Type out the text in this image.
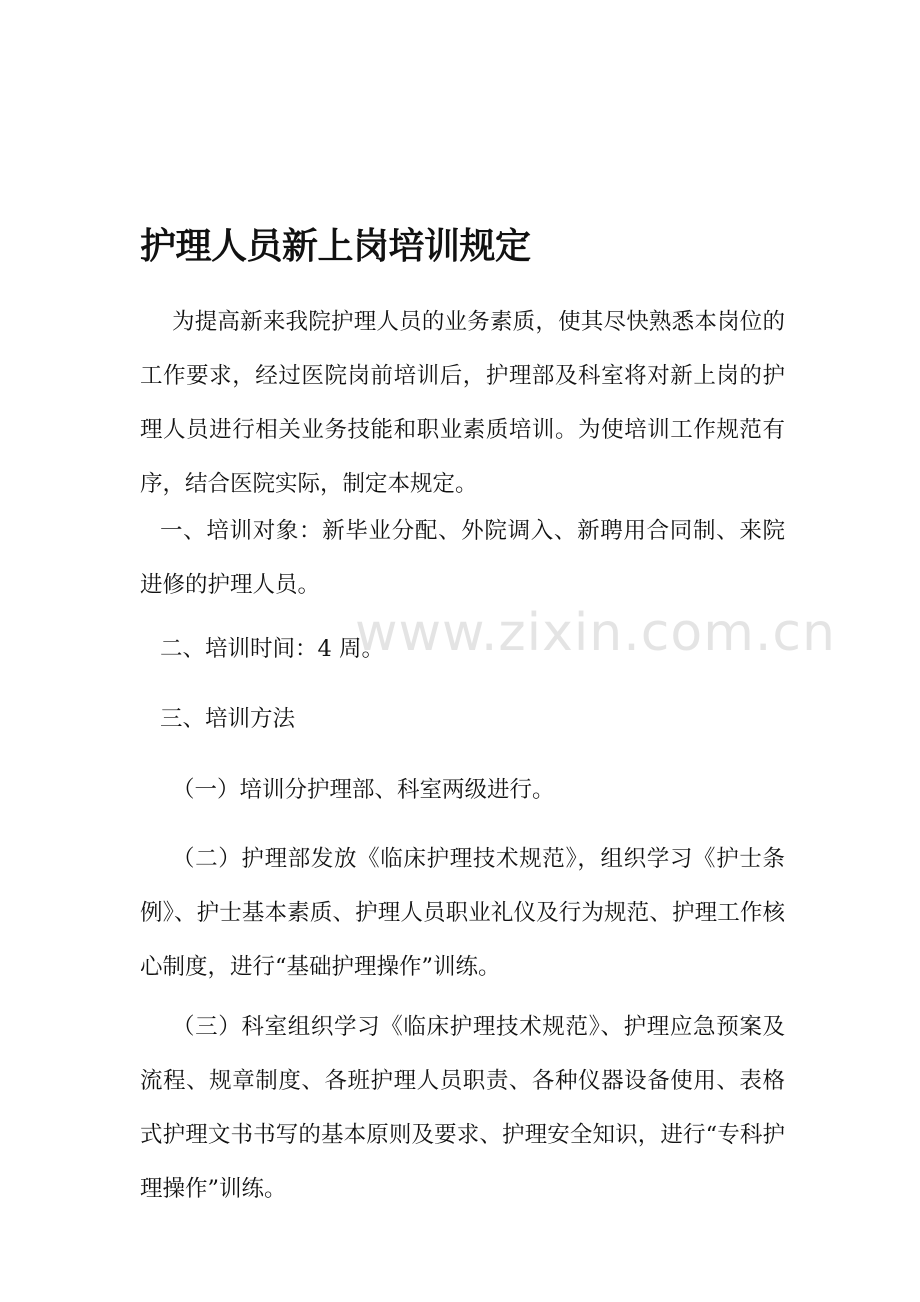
护理人员新上岗培训规定
为提高新来我院护理人员的业务素质，使其尽快熟悉本岗位的工作要求，经过医院岗前培训后，护理部及科室将对新上岗的护理人员进行相关业务技能和职业素质培训。为使培训工作规范有序，结合医院实际，制定本规定。
一、培训对象：新毕业分配、外院调入、新聘用合同制、来院进修的护理人员。
二、培训时间：4 周。
三、培训方法
（一）培训分护理部、科室两级进行。
（二）护理部发放《临床护理技术规范》，组织学习《护士条例》、护士基本素质、护理人员职业礼仪及行为规范、护理工作核心制度，进行“基础护理操作”训练。
（三）科室组织学习《临床护理技术规范》、护理应急预案及流程、规章制度、各班护理人员职责、各种仪器设备使用、表格式护理文书书写的基本原则及要求、护理安全知识，进行“专科护理操作”训练。
www.zixin.com.cn
